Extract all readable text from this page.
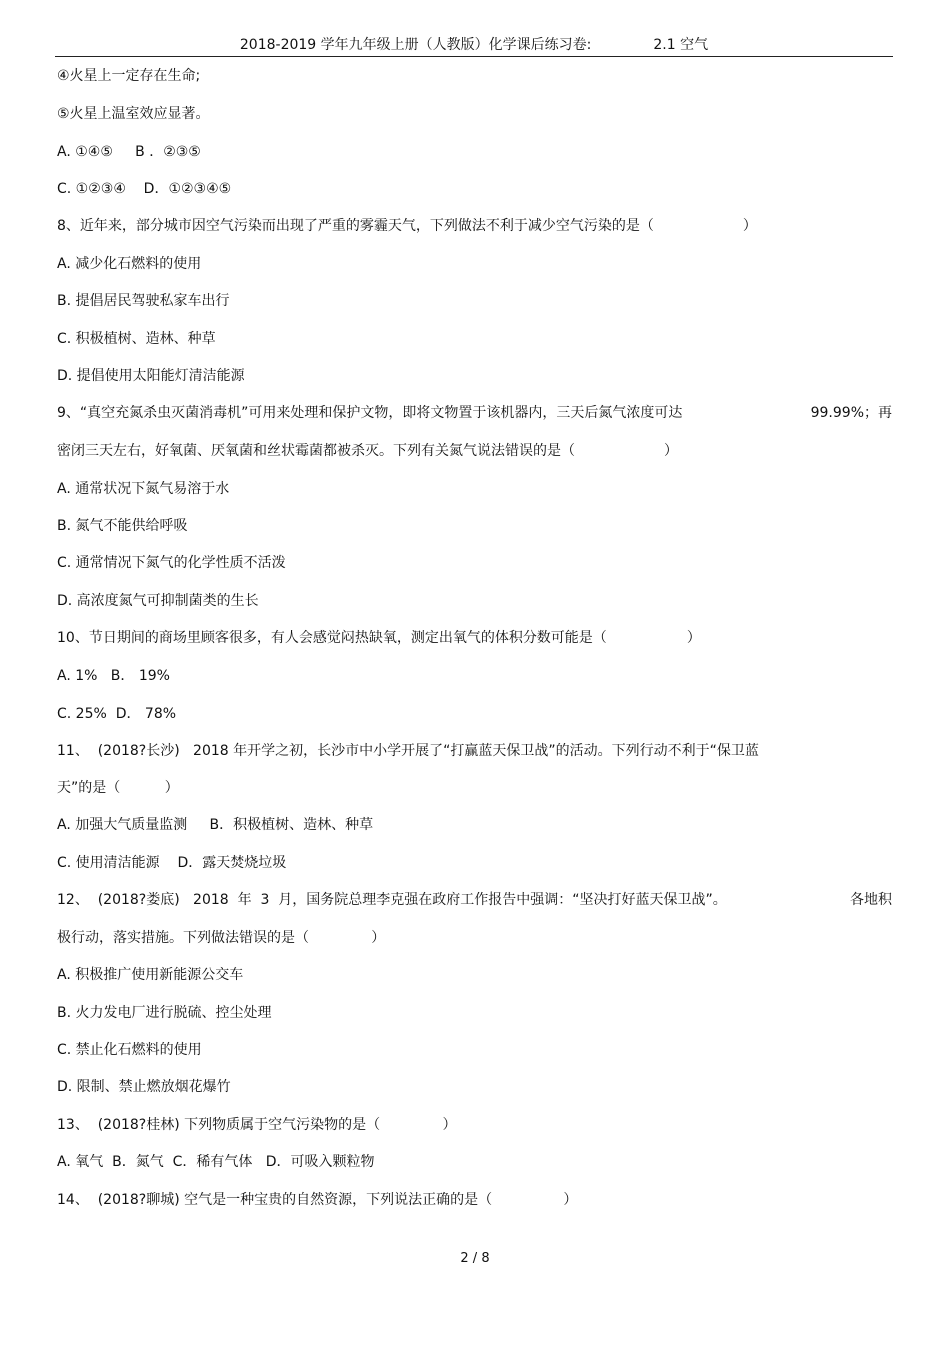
2018-2019 学年九年级上册（人教版）化学课后练习卷:	2.1 空气
④火星上一定存在生命;
⑤火星上温室效应显著。
A. ①④⑤     B ．②③⑤
C. ①②③④    D．①②③④⑤
8、近年来，部分城市因空气污染而出现了严重的雾霾天气，下列做法不利于减少空气污染的是（                    ）
A. 减少化石燃料的使用
B. 提倡居民驾驶私家车出行
C. 积极植树、造林、种草
D. 提倡使用太阳能灯清洁能源
9、“真空充氮杀虫灭菌消毒机”可用来处理和保护文物，即将文物置于该机器内，三天后氮气浓度可达	99.99%；再
密闭三天左右，好氧菌、厌氧菌和丝状霉菌都被杀灭。下列有关氮气说法错误的是（                    ）
A. 通常状况下氮气易溶于水
B. 氮气不能供给呼吸
C. 通常情况下氮气的化学性质不活泼
D. 高浓度氮气可抑制菌类的生长
10、节日期间的商场里顾客很多，有人会感觉闷热缺氧，测定出氧气的体积分数可能是（                  ）
A. 1%   B． 19%
C. 25%  D． 78%
11、  (2018?长沙)   2018 年开学之初，长沙市中小学开展了“打赢蓝天保卫战”的活动。下列行动不利于“保卫蓝
天”的是（          ）
A. 加强大气质量监测     B．积极植树、造林、种草
C. 使用清洁能源    D．露天焚烧垃圾
12、  (2018?娄底)   2018  年  3  月，国务院总理李克强在政府工作报告中强调：“坚决打好蓝天保卫战”。	各地积
极行动，落实措施。下列做法错误的是（              ）
A. 积极推广使用新能源公交车
B. 火力发电厂进行脱硫、控尘处理
C. 禁止化石燃料的使用
D. 限制、禁止燃放烟花爆竹
13、  (2018?桂林) 下列物质属于空气污染物的是（              ）
A. 氧气  B．氮气  C．稀有气体   D．可吸入颗粒物
14、  (2018?聊城) 空气是一种宝贵的自然资源，下列说法正确的是（                ）
2 / 8
